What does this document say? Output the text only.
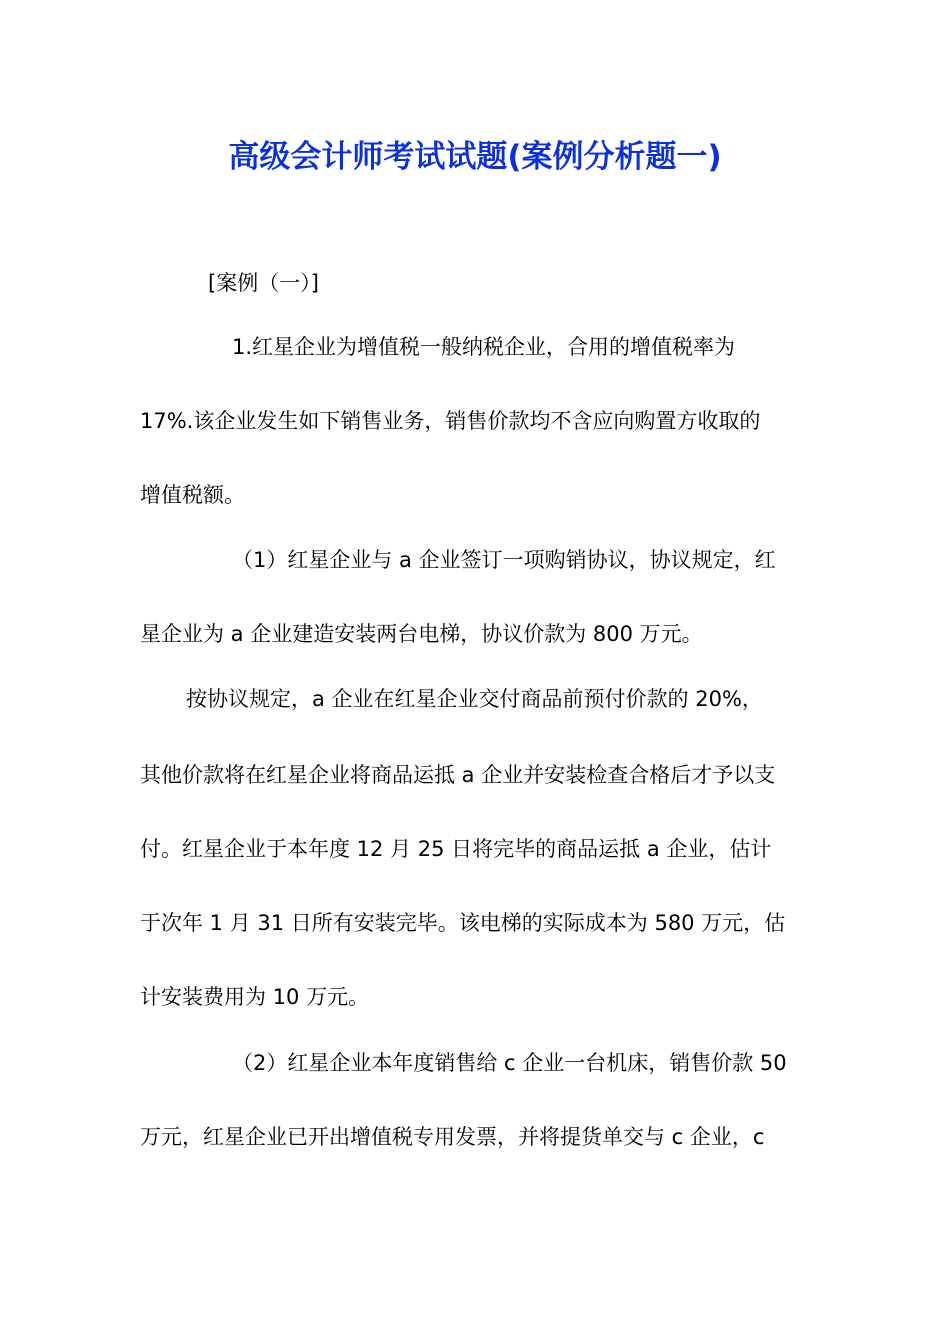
高级会计师考试试题(案例分析题一)
[案例（一）]
1.红星企业为增值税一般纳税企业，合用的增值税率为
17%.该企业发生如下销售业务，销售价款均不含应向购置方收取的
增值税额。
（1）红星企业与 a 企业签订一项购销协议，协议规定，红
星企业为 a 企业建造安装两台电梯，协议价款为 800 万元。
按协议规定，a 企业在红星企业交付商品前预付价款的 20%，
其他价款将在红星企业将商品运抵 a 企业并安装检查合格后才予以支
付。红星企业于本年度 12 月 25 日将完毕的商品运抵 a 企业，估计
于次年 1 月 31 日所有安装完毕。该电梯的实际成本为 580 万元，估
计安装费用为 10 万元。
（2）红星企业本年度销售给 c 企业一台机床，销售价款 50
万元，红星企业已开出增值税专用发票，并将提货单交与 c 企业，c
